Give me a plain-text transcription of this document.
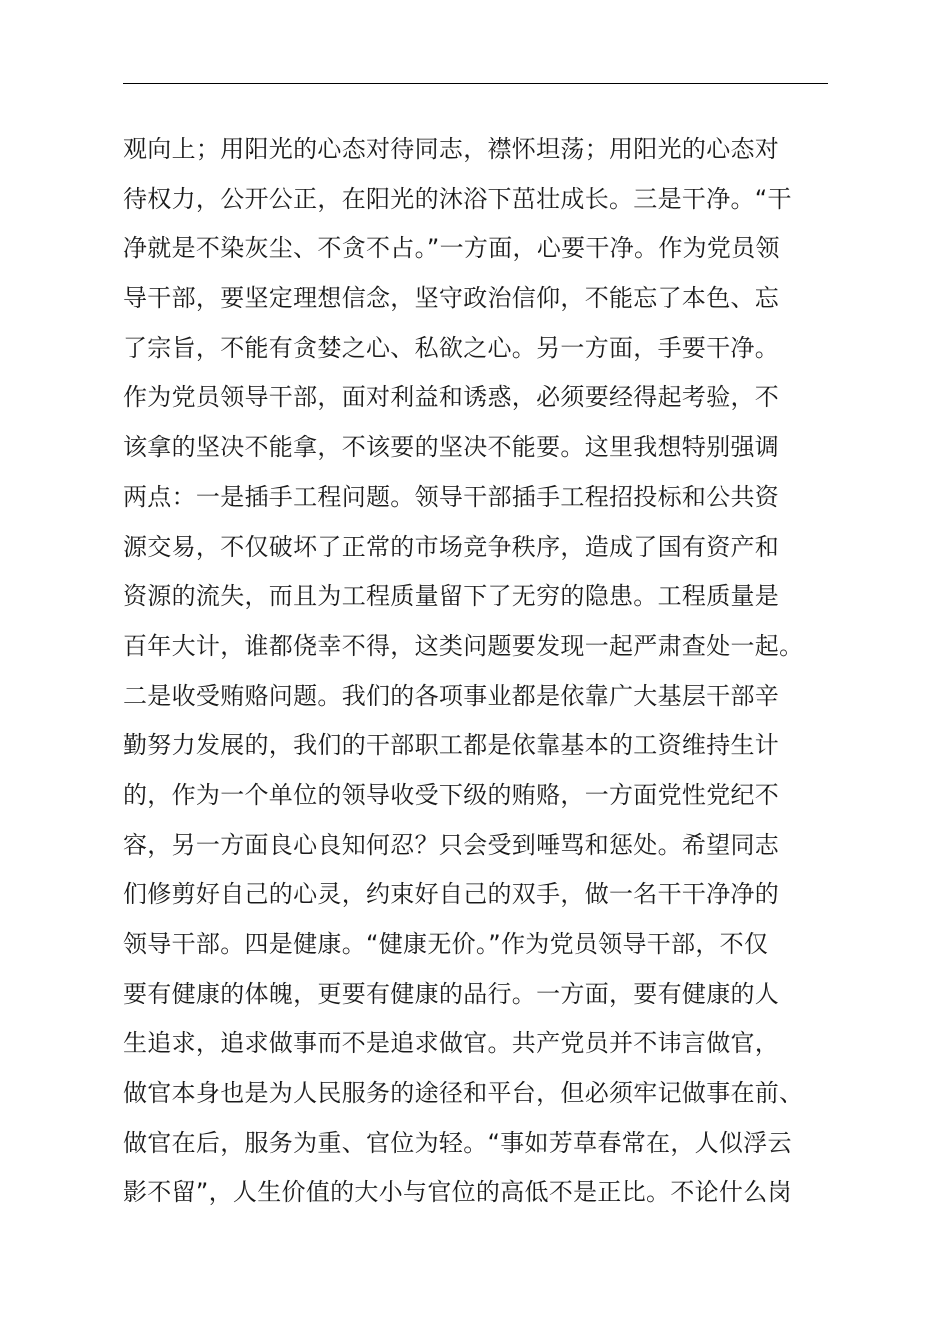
观向上；用阳光的心态对待同志，襟怀坦荡；用阳光的心态对
待权力，公开公正，在阳光的沐浴下茁壮成长。三是干净。“干
净就是不染灰尘、不贪不占。”一方面，心要干净。作为党员领
导干部，要坚定理想信念，坚守政治信仰，不能忘了本色、忘
了宗旨，不能有贪婪之心、私欲之心。另一方面，手要干净。
作为党员领导干部，面对利益和诱惑，必须要经得起考验，不
该拿的坚决不能拿，不该要的坚决不能要。这里我想特别强调
两点：一是插手工程问题。领导干部插手工程招投标和公共资
源交易，不仅破坏了正常的市场竞争秩序，造成了国有资产和
资源的流失，而且为工程质量留下了无穷的隐患。工程质量是
百年大计，谁都侥幸不得，这类问题要发现一起严肃查处一起。
二是收受贿赂问题。我们的各项事业都是依靠广大基层干部辛
勤努力发展的，我们的干部职工都是依靠基本的工资维持生计
的，作为一个单位的领导收受下级的贿赂，一方面党性党纪不
容，另一方面良心良知何忍？只会受到唾骂和惩处。希望同志
们修剪好自己的心灵，约束好自己的双手，做一名干干净净的
领导干部。四是健康。“健康无价。”作为党员领导干部，不仅
要有健康的体魄，更要有健康的品行。一方面，要有健康的人
生追求，追求做事而不是追求做官。共产党员并不讳言做官，
做官本身也是为人民服务的途径和平台，但必须牢记做事在前、
做官在后，服务为重、官位为轻。“事如芳草春常在，人似浮云
影不留”，人生价值的大小与官位的高低不是正比。不论什么岗
